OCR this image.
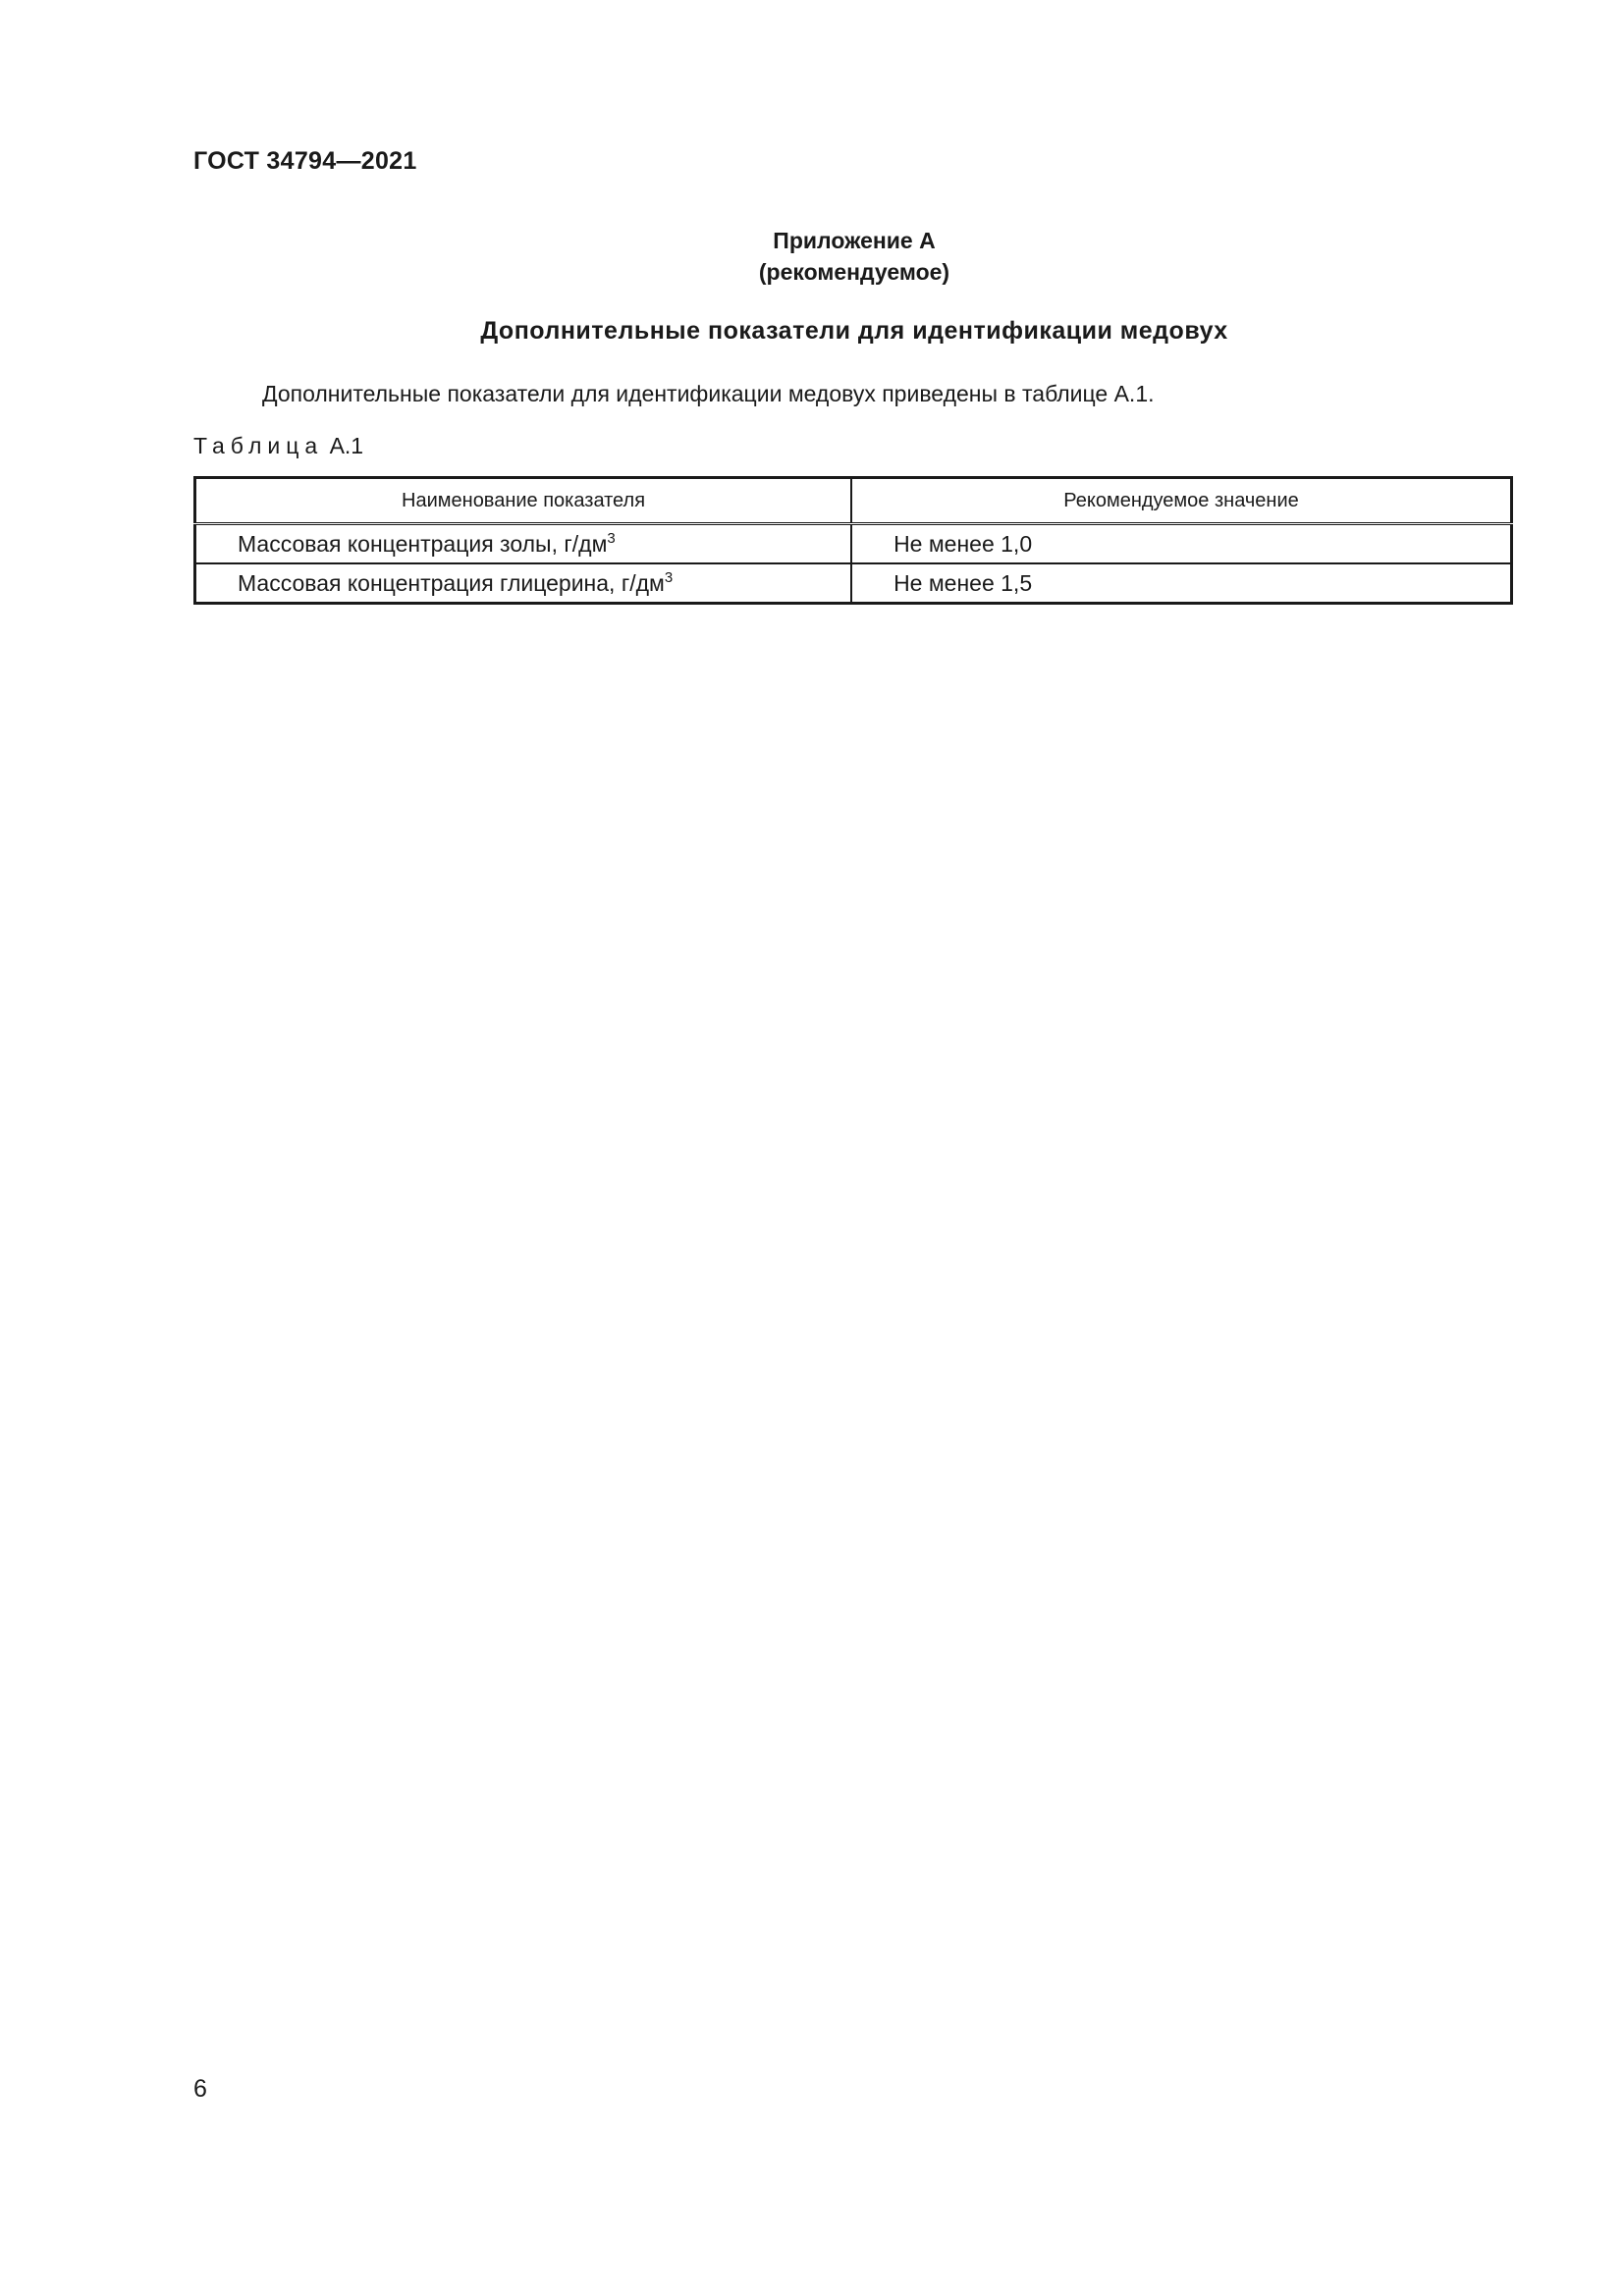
ГОСТ 34794—2021
Приложение А
(рекомендуемое)
Дополнительные показатели для идентификации медовух
Дополнительные показатели для идентификации медовух приведены в таблице А.1.
Таблица А.1
Наименование показателя	Рекомендуемое значение
Массовая концентрация золы, $г/дм^3$	Не менее 1,0
Массовая концентрация глицерина, $г/дм^3$	Не менее 1,5
6
